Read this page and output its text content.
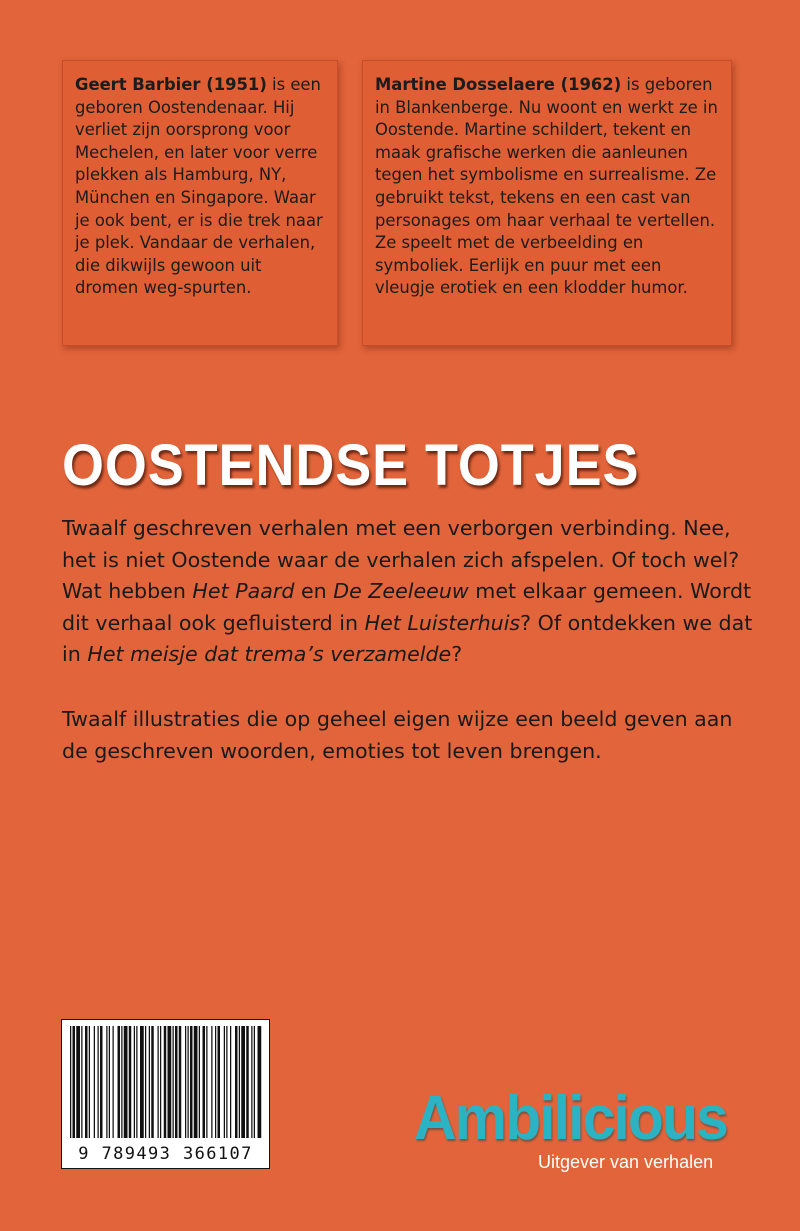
Geert Barbier (1951) is een geboren Oostendenaar. Hij verliet zijn oorsprong voor Mechelen, en later voor verre plekken als Hamburg, NY, München en Singapore. Waar je ook bent, er is die trek naar je plek. Vandaar de verhalen, die dikwijls gewoon uit dromen weg-spurten.
Martine Dosselaere (1962) is geboren in Blankenberge. Nu woont en werkt ze in Oostende. Martine schildert, tekent en maak grafische werken die aanleunen tegen het symbolisme en surrealisme. Ze gebruikt tekst, tekens en een cast van personages om haar verhaal te vertellen. Ze speelt met de verbeelding en symboliek. Eerlijk en puur met een vleugje erotiek en een klodder humor.
OOSTENDSE TOTJES

Twaalf geschreven verhalen met een verborgen verbinding. Nee, het is niet Oostende waar de verhalen zich afspelen. Of toch wel? Wat hebben Het Paard en De Zeeleeuw met elkaar gemeen. Wordt dit verhaal ook gefluisterd in Het Luisterhuis? Of ontdekken we dat in Het meisje dat trema’s verzamelde?

Twaalf illustraties die op geheel eigen wijze een beeld geven aan de geschreven woorden, emoties tot leven brengen.

9 789493 366107
Ambilicious
Uitgever van verhalen
